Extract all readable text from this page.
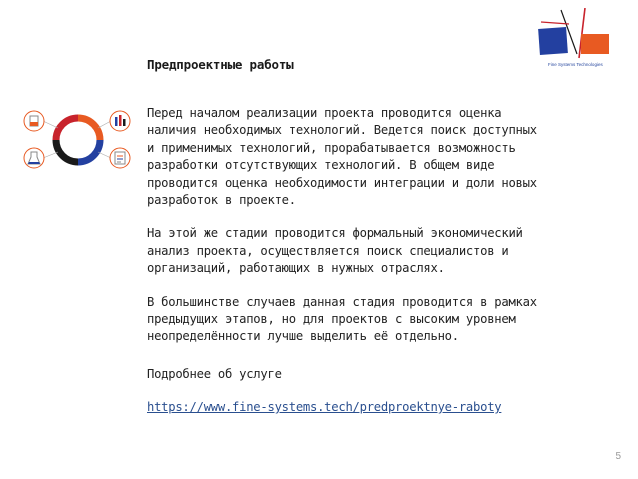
Fine Systems Technologies
Предпроектные работы

Перед началом реализации проекта проводится оценка
наличия необходимых технологий. Ведется поиск доступных
и применимых технологий, прорабатывается возможность
разработки отсутствующих технологий. В общем виде
проводится оценка необходимости интеграции и доли новых
разработок в проекте.

На этой же стадии проводится формальный экономический
анализ проекта, осуществляется поиск специалистов и
организаций, работающих в нужных отраслях.

В большинстве случаев данная стадия проводится в рамках
предыдущих этапов, но для проектов с высоким уровнем
неопределённости лучше выделить её отдельно.

Подробнее об услуге
https://www.fine-systems.tech/predproektnye-raboty
5
